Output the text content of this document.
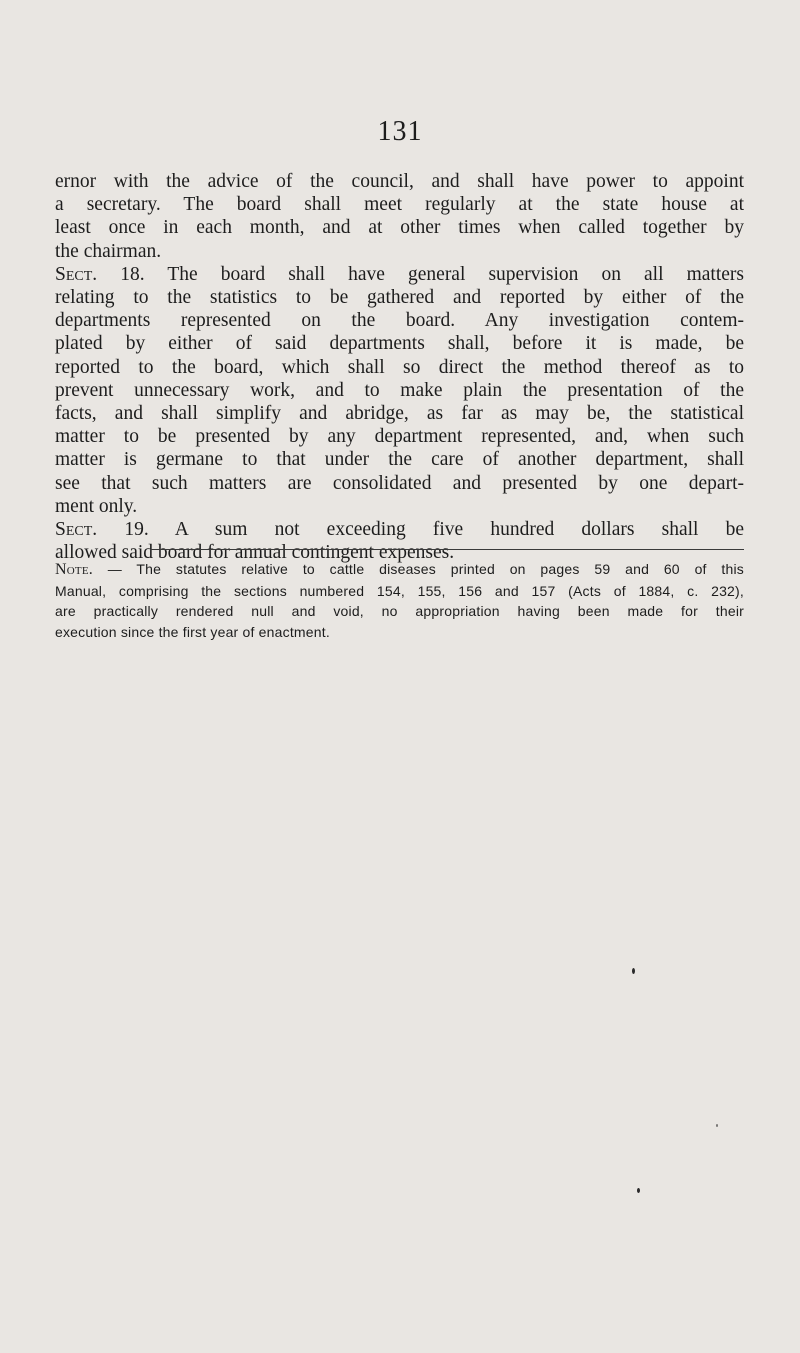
131
ernor with the advice of the council, and shall have power to appoint
a secretary. The board shall meet regularly at the state house at
least once in each month, and at other times when called together by
the chairman.
Sect. 18. The board shall have general supervision on all matters
relating to the statistics to be gathered and reported by either of the
departments represented on the board. Any investigation contem-
plated by either of said departments shall, before it is made, be
reported to the board, which shall so direct the method thereof as to
prevent unnecessary work, and to make plain the presentation of the
facts, and shall simplify and abridge, as far as may be, the statistical
matter to be presented by any department represented, and, when such
matter is germane to that under the care of another department, shall
see that such matters are consolidated and presented by one depart-
ment only.
Sect. 19. A sum not exceeding five hundred dollars shall be
allowed said board for annual contingent expenses.
Note. — The statutes relative to cattle diseases printed on pages 59 and 60 of this
Manual, comprising the sections numbered 154, 155, 156 and 157 (Acts of 1884, c. 232),
are practically rendered null and void, no appropriation having been made for their
execution since the first year of enactment.
